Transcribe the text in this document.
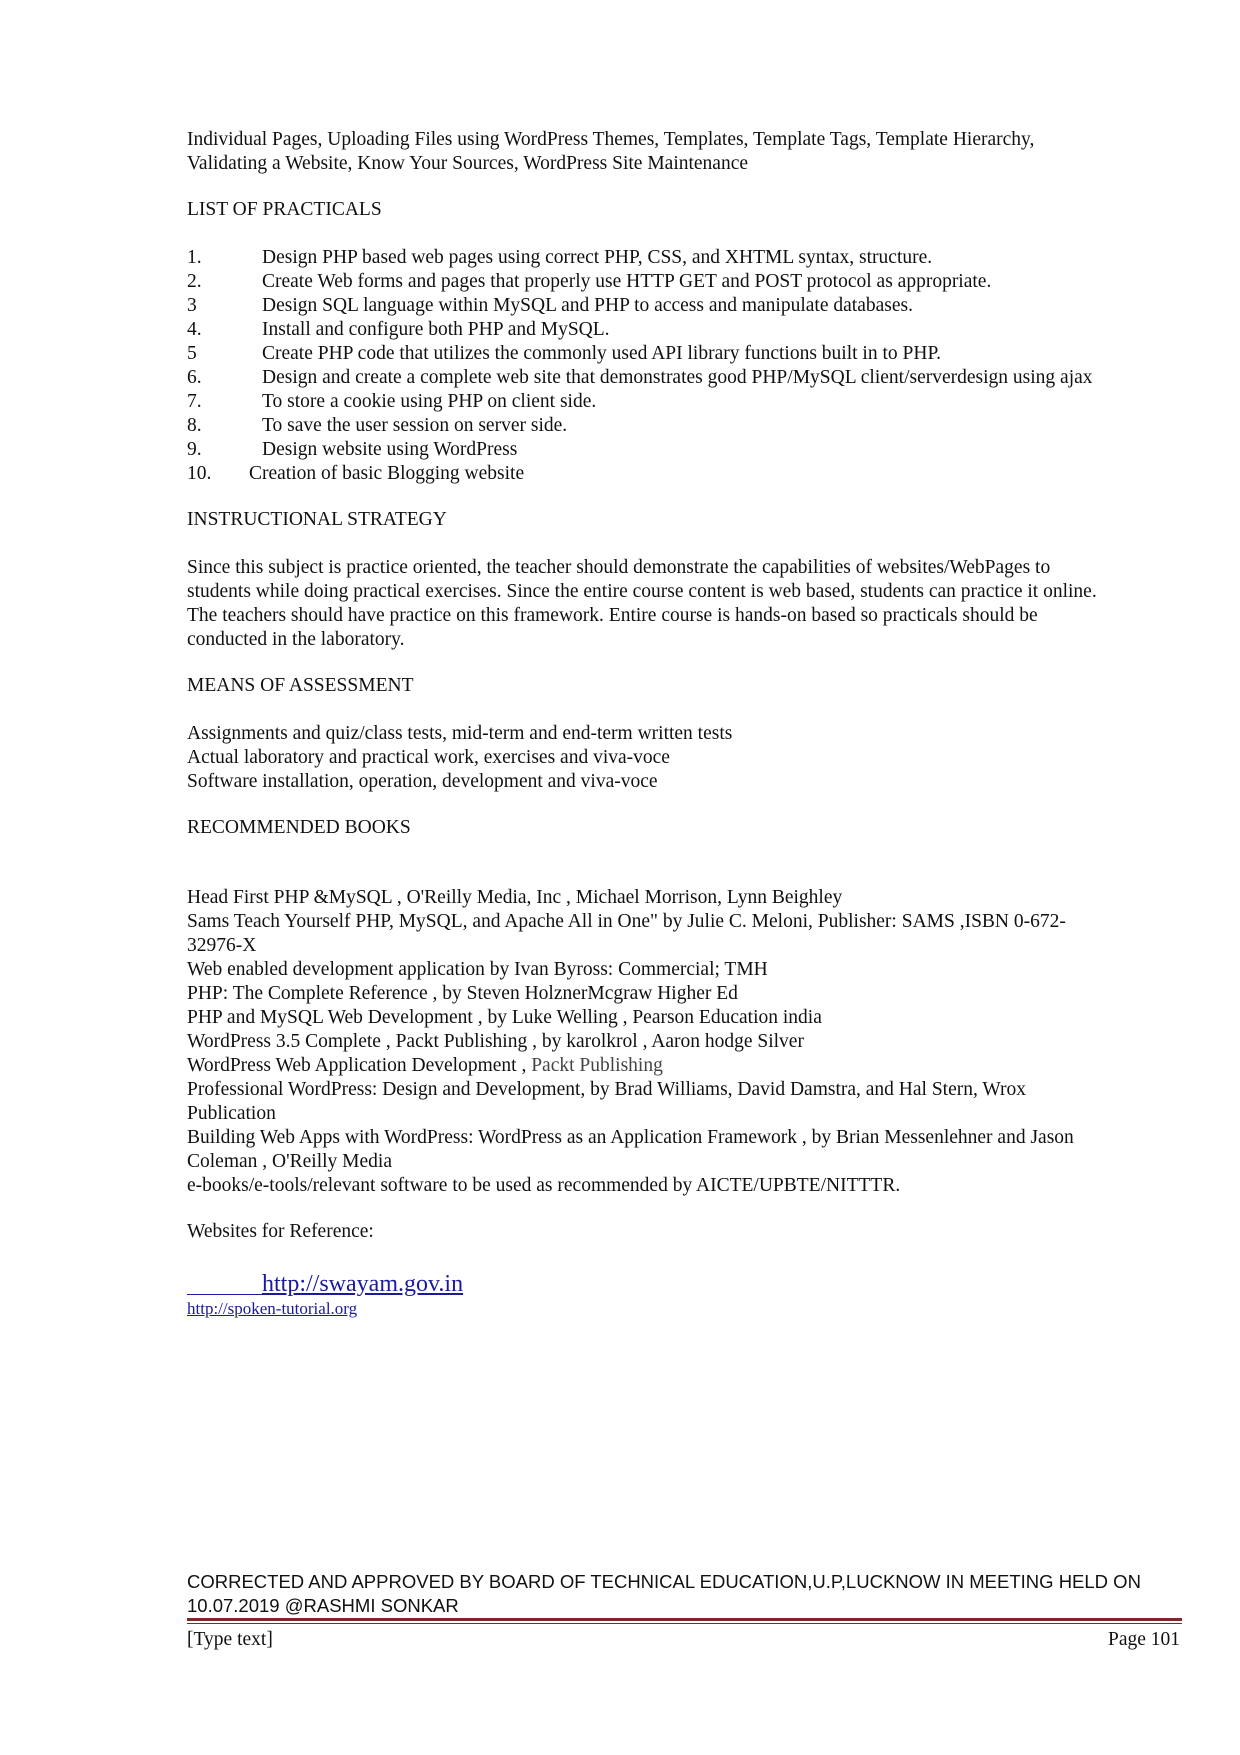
Individual Pages, Uploading Files using WordPress Themes, Templates, Template Tags, Template Hierarchy,

Validating a Website, Know Your Sources, WordPress Site Maintenance

LIST OF PRACTICALS

1.	Design PHP based web pages using correct PHP, CSS, and XHTML syntax, structure.
2.	Create Web forms and pages that properly use HTTP GET and POST protocol as appropriate.
3	Design SQL language within MySQL and PHP to access and manipulate databases.
4.	Install and configure both PHP and MySQL.
5	Create PHP code that utilizes the commonly used API library functions built in to PHP.
6.	Design and create a complete web site that demonstrates good PHP/MySQL client/serverdesign using ajax
7.	To store a cookie using PHP on client side.
8.	To save the user session on server side.
9.	Design website using WordPress
10.	Creation of basic Blogging website

INSTRUCTIONAL STRATEGY

Since this subject is practice oriented, the teacher should demonstrate the capabilities of websites/WebPages to

students while doing practical exercises. Since the entire course content is web based, students can practice it online.

The teachers should have practice on this framework. Entire course is hands-on based so practicals should be

conducted in the laboratory.

MEANS OF ASSESSMENT

Assignments and quiz/class tests, mid-term and end-term written tests

Actual laboratory and practical work, exercises and viva-voce

Software installation, operation, development and viva-voce

RECOMMENDED BOOKS

Head First PHP &MySQL , O'Reilly Media, Inc , Michael Morrison, Lynn Beighley

Sams Teach Yourself PHP, MySQL, and Apache All in One" by Julie C. Meloni, Publisher: SAMS ,ISBN 0-672-

32976-X

Web enabled development application by Ivan Byross: Commercial; TMH

PHP: The Complete Reference , by Steven HolznerMcgraw Higher Ed

PHP and MySQL Web Development , by Luke Welling , Pearson Education india

WordPress 3.5 Complete , Packt Publishing , by karolkrol , Aaron hodge Silver

WordPress Web Application Development , Packt Publishing

Professional WordPress: Design and Development, by Brad Williams, David Damstra, and Hal Stern, Wrox

Publication

Building Web Apps with WordPress: WordPress as an Application Framework , by Brian Messenlehner and Jason

Coleman , O'Reilly Media

e-books/e-tools/relevant software to be used as recommended by AICTE/UPBTE/NITTTR.

Websites for Reference:

http://swayam.gov.in
http://spoken-tutorial.org

CORRECTED AND APPROVED BY BOARD OF TECHNICAL EDUCATION,U.P,LUCKNOW IN MEETING HELD ON

10.07.2019 @RASHMI SONKAR

[Type text]	Page 101
